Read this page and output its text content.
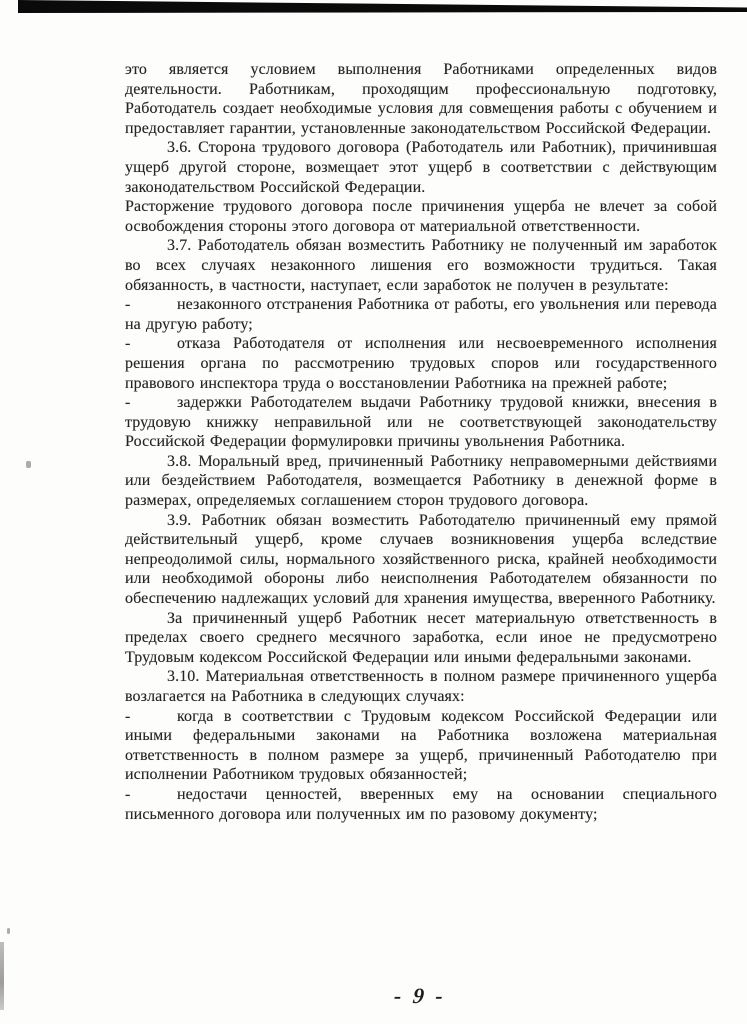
это является условием выполнения Работниками определенных видов деятельности. Работникам, проходящим профессиональную подготовку, Работодатель создает необходимые условия для совмещения работы с обучением и предоставляет гарантии, установленные законодательством Российской Федерации.

3.6. Сторона трудового договора (Работодатель или Работник), причинившая ущерб другой стороне, возмещает этот ущерб в соответствии с действующим законодательством Российской Федерации.

Расторжение трудового договора после причинения ущерба не влечет за собой освобождения стороны этого договора от материальной ответственности.

3.7. Работодатель обязан возместить Работнику не полученный им заработок во всех случаях незаконного лишения его возможности трудиться. Такая обязанность, в частности, наступает, если заработок не получен в результате:

-	незаконного отстранения Работника от работы, его увольнения или перевода на другую работу;

-	отказа Работодателя от исполнения или несвоевременного исполнения решения органа по рассмотрению трудовых споров или государственного правового инспектора труда о восстановлении Работника на прежней работе;

-	задержки Работодателем выдачи Работнику трудовой книжки, внесения в трудовую книжку неправильной или не соответствующей законодательству Российской Федерации формулировки причины увольнения Работника.

3.8. Моральный вред, причиненный Работнику неправомерными действиями или бездействием Работодателя, возмещается Работнику в денежной форме в размерах, определяемых соглашением сторон трудового договора.

3.9. Работник обязан возместить Работодателю причиненный ему прямой действительный ущерб, кроме случаев возникновения ущерба вследствие непреодолимой силы, нормального хозяйственного риска, крайней необходимости или необходимой обороны либо неисполнения Работодателем обязанности по обеспечению надлежащих условий для хранения имущества, вверенного Работнику.

За причиненный ущерб Работник несет материальную ответственность в пределах своего среднего месячного заработка, если иное не предусмотрено Трудовым кодексом Российской Федерации или иными федеральными законами.

3.10. Материальная ответственность в полном размере причиненного ущерба возлагается на Работника в следующих случаях:

-	когда в соответствии с Трудовым кодексом Российской Федерации или иными федеральными законами на Работника возложена материальная ответственность в полном размере за ущерб, причиненный Работодателю при исполнении Работником трудовых обязанностей;

-	недостачи ценностей, вверенных ему на основании специального письменного договора или полученных им по разовому документу;

- 9 -
